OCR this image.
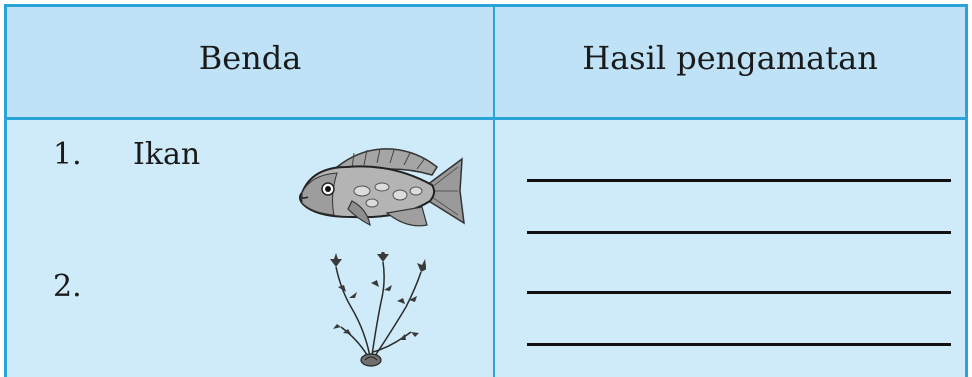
Benda	Hasil pengamatan
1. Ikan
2.
